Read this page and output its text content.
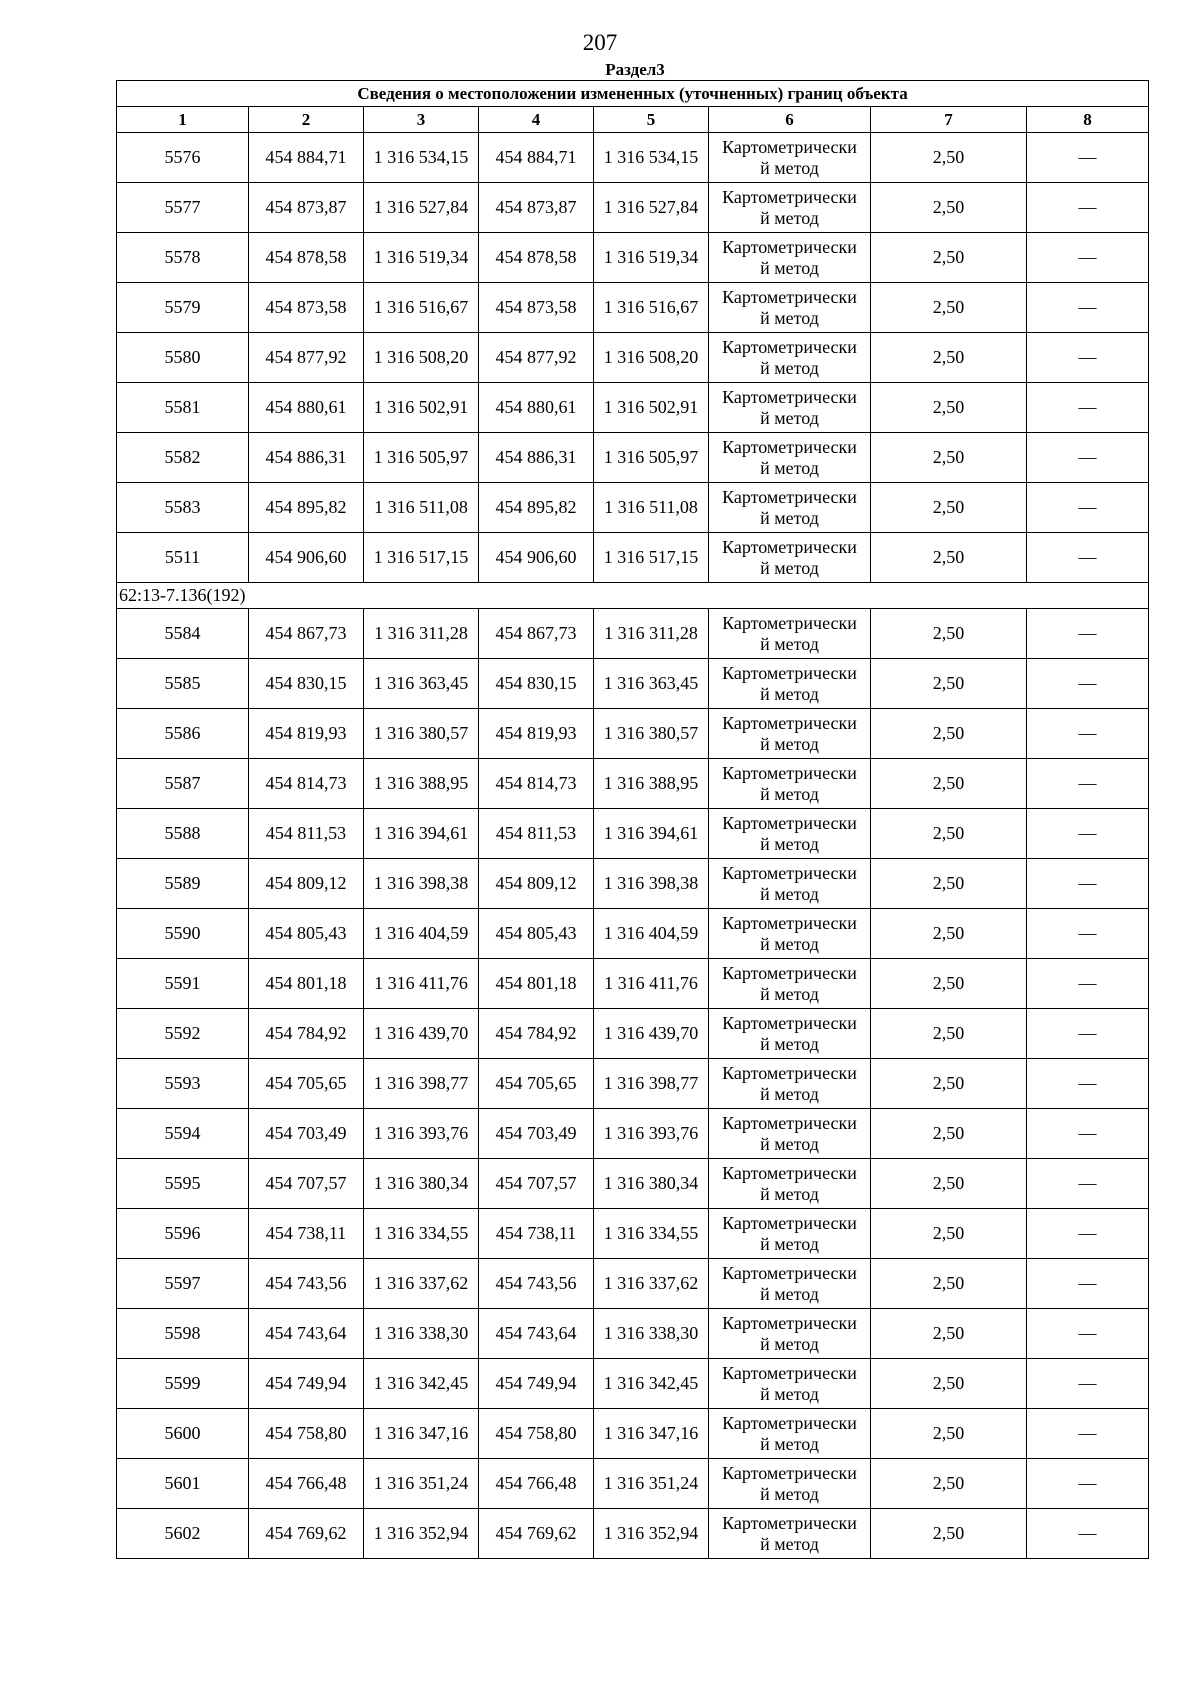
207
Раздел3
Сведения о местоположении измененных (уточненных) границ объекта							
1	2	3	4	5	6	7	8
5576	454 884,71	1 316 534,15	454 884,71	1 316 534,15	Картометрически
й метод	2,50	—
5577	454 873,87	1 316 527,84	454 873,87	1 316 527,84	Картометрически
й метод	2,50	—
5578	454 878,58	1 316 519,34	454 878,58	1 316 519,34	Картометрически
й метод	2,50	—
5579	454 873,58	1 316 516,67	454 873,58	1 316 516,67	Картометрически
й метод	2,50	—
5580	454 877,92	1 316 508,20	454 877,92	1 316 508,20	Картометрически
й метод	2,50	—
5581	454 880,61	1 316 502,91	454 880,61	1 316 502,91	Картометрически
й метод	2,50	—
5582	454 886,31	1 316 505,97	454 886,31	1 316 505,97	Картометрически
й метод	2,50	—
5583	454 895,82	1 316 511,08	454 895,82	1 316 511,08	Картометрически
й метод	2,50	—
5511	454 906,60	1 316 517,15	454 906,60	1 316 517,15	Картометрически
й метод	2,50	—
62:13-7.136(192)							
5584	454 867,73	1 316 311,28	454 867,73	1 316 311,28	Картометрически
й метод	2,50	—
5585	454 830,15	1 316 363,45	454 830,15	1 316 363,45	Картометрически
й метод	2,50	—
5586	454 819,93	1 316 380,57	454 819,93	1 316 380,57	Картометрически
й метод	2,50	—
5587	454 814,73	1 316 388,95	454 814,73	1 316 388,95	Картометрически
й метод	2,50	—
5588	454 811,53	1 316 394,61	454 811,53	1 316 394,61	Картометрически
й метод	2,50	—
5589	454 809,12	1 316 398,38	454 809,12	1 316 398,38	Картометрически
й метод	2,50	—
5590	454 805,43	1 316 404,59	454 805,43	1 316 404,59	Картометрически
й метод	2,50	—
5591	454 801,18	1 316 411,76	454 801,18	1 316 411,76	Картометрически
й метод	2,50	—
5592	454 784,92	1 316 439,70	454 784,92	1 316 439,70	Картометрически
й метод	2,50	—
5593	454 705,65	1 316 398,77	454 705,65	1 316 398,77	Картометрически
й метод	2,50	—
5594	454 703,49	1 316 393,76	454 703,49	1 316 393,76	Картометрически
й метод	2,50	—
5595	454 707,57	1 316 380,34	454 707,57	1 316 380,34	Картометрически
й метод	2,50	—
5596	454 738,11	1 316 334,55	454 738,11	1 316 334,55	Картометрически
й метод	2,50	—
5597	454 743,56	1 316 337,62	454 743,56	1 316 337,62	Картометрически
й метод	2,50	—
5598	454 743,64	1 316 338,30	454 743,64	1 316 338,30	Картометрически
й метод	2,50	—
5599	454 749,94	1 316 342,45	454 749,94	1 316 342,45	Картометрически
й метод	2,50	—
5600	454 758,80	1 316 347,16	454 758,80	1 316 347,16	Картометрически
й метод	2,50	—
5601	454 766,48	1 316 351,24	454 766,48	1 316 351,24	Картометрически
й метод	2,50	—
5602	454 769,62	1 316 352,94	454 769,62	1 316 352,94	Картометрически
й метод	2,50	—
